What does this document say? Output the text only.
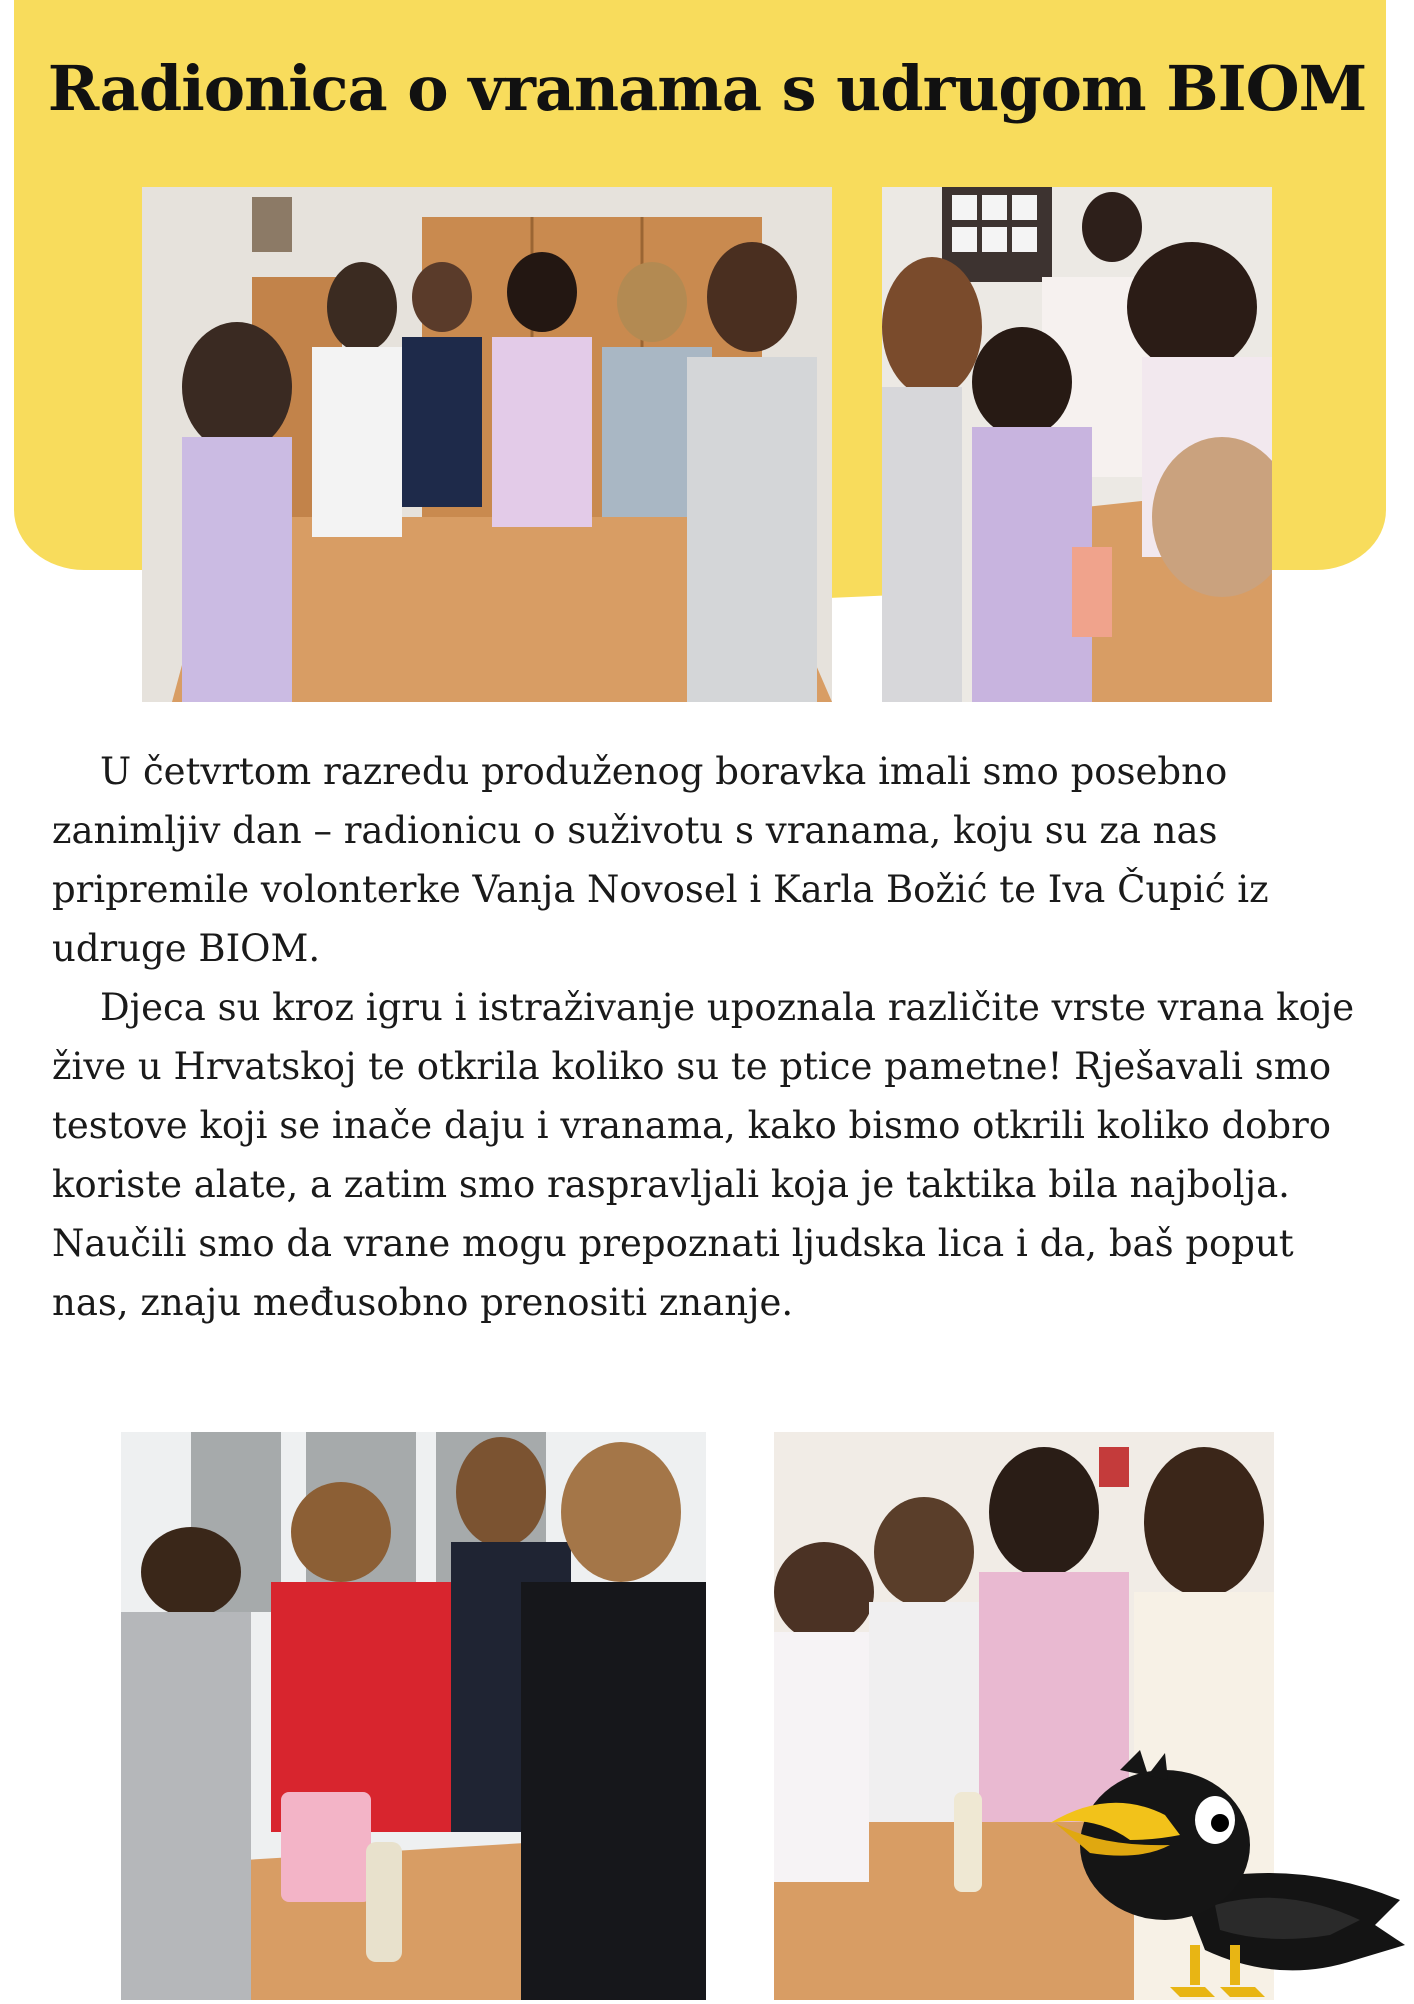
Radionica o vranama s udrugom BIOM

U četvrtom razredu produženog boravka imali smo posebno zanimljiv dan – radionicu o suživotu s vranama, koju su za nas pripremile volonterke Vanja Novosel i Karla Božić te Iva Čupić iz udruge BIOM.

Djeca su kroz igru i istraživanje upoznala različite vrste vrana koje žive u Hrvatskoj te otkrila koliko su te ptice pametne! Rješavali smo testove koji se inače daju i vranama, kako bismo otkrili koliko dobro koriste alate, a zatim smo raspravljali koja je taktika bila najbolja. Naučili smo da vrane mogu prepoznati ljudska lica i da, baš poput nas, znaju međusobno prenositi znanje.
